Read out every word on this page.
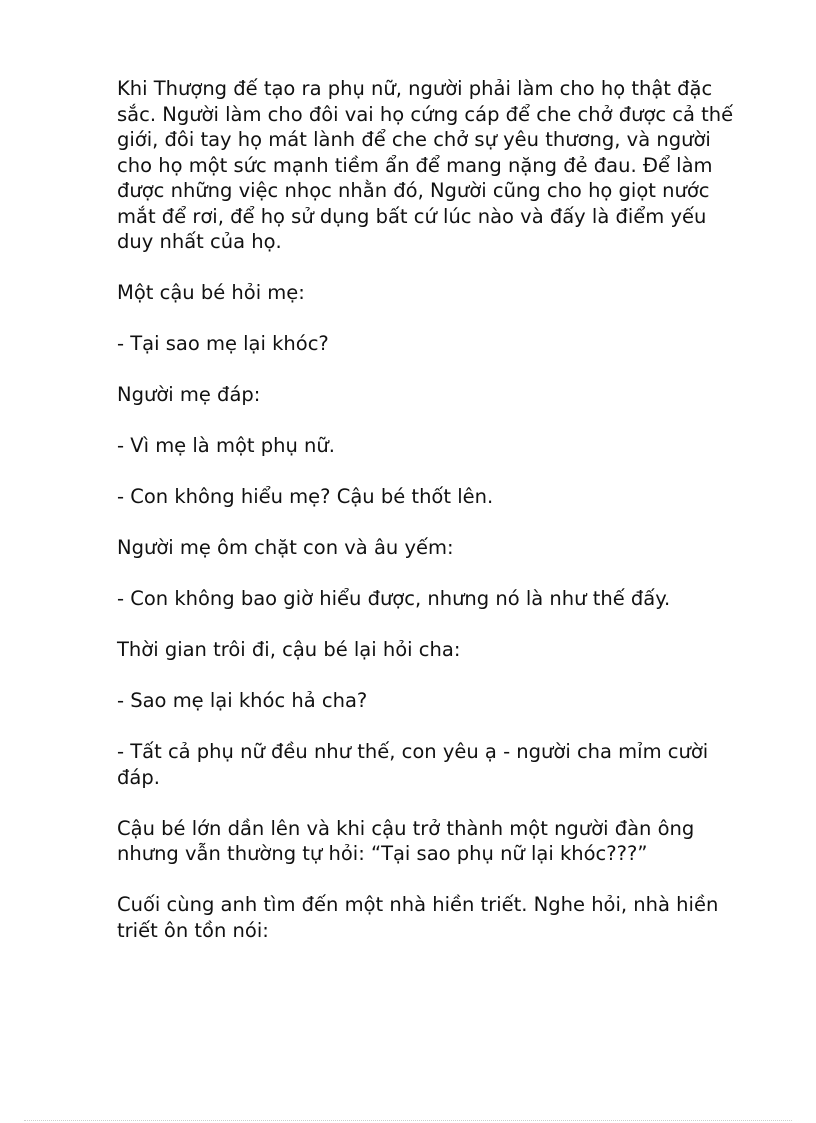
Khi Thượng đế tạo ra phụ nữ, người phải làm cho họ thật đặc sắc. Người làm cho đôi vai họ cứng cáp để che chở được cả thế giới, đôi tay họ mát lành để che chở sự yêu thương, và người cho họ một sức mạnh tiềm ẩn để mang nặng đẻ đau. Để làm được những việc nhọc nhằn đó, Người cũng cho họ giọt nước mắt để rơi, để họ sử dụng bất cứ lúc nào và đấy là điểm yếu duy nhất của họ.

Một cậu bé hỏi mẹ:

- Tại sao mẹ lại khóc?

Người mẹ đáp:

- Vì mẹ là một phụ nữ.

- Con không hiểu mẹ? Cậu bé thốt lên.

Người mẹ ôm chặt con và âu yếm:

- Con không bao giờ hiểu được, nhưng nó là như thế đấy.

Thời gian trôi đi, cậu bé lại hỏi cha:

- Sao mẹ lại khóc hả cha?

- Tất cả phụ nữ đều như thế, con yêu ạ - người cha mỉm cười đáp.

Cậu bé lớn dần lên và khi cậu trở thành một người đàn ông nhưng vẫn thường tự hỏi: “Tại sao phụ nữ lại khóc???”

Cuối cùng anh tìm đến một nhà hiền triết. Nghe hỏi, nhà hiền triết ôn tồn nói:
